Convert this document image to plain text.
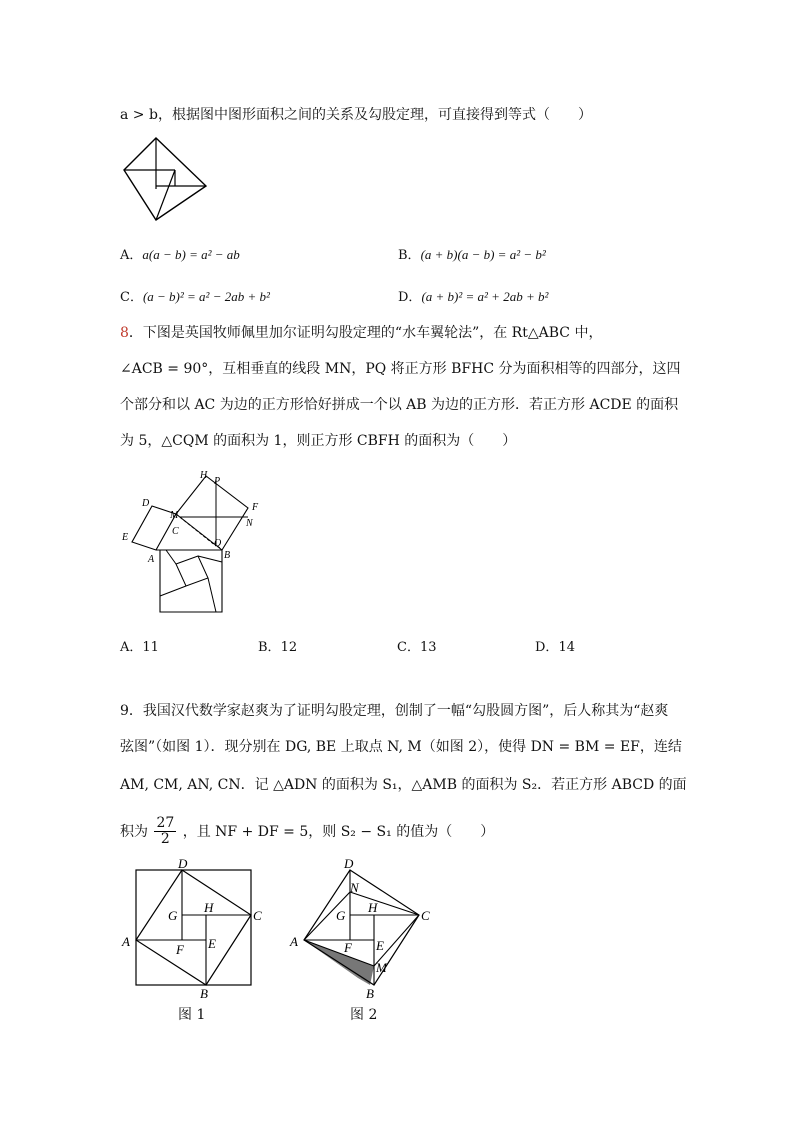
a > b，根据图中图形面积之间的关系及勾股定理，可直接得到等式（　　）
A．a(a − b) = a² − ab	B．(a + b)(a − b) = a² − b²
C．(a − b)² = a² − 2ab + b²	D．(a + b)² = a² + 2ab + b²
8．下图是英国牧师佩里加尔证明勾股定理的“水车翼轮法”，在 Rt△ABC 中，
∠ACB = 90°，互相垂直的线段 MN，PQ 将正方形 BFHC 分为面积相等的四部分，这四
个部分和以 AC 为边的正方形恰好拼成一个以 AB 为边的正方形．若正方形 ACDE 的面积
为 5，△CQM 的面积为 1，则正方形 CBFH 的面积为（　　）
H
P
D	F
M
N
E
C
Q
A	B
A．11	B．12	C．13	D．14
9．我国汉代数学家赵爽为了证明勾股定理，创制了一幅“勾股圆方图”，后人称其为“赵爽
弦图”（如图 1）．现分别在 DG, BE 上取点 N, M（如图 2），使得 DN = BM = EF，连结
AM, CM, AN, CN．记 △ADN 的面积为 S₁，△AMB 的面积为 S₂．若正方形 ABCD 的面
积为 $\frac{27}{2}$ ，且 NF + DF = 5，则 S₂ − S₁ 的值为（　　）
D
G
H
C
A
F E
B
图 1
D
N
G
H
C
A	F E
M
B
图 2
